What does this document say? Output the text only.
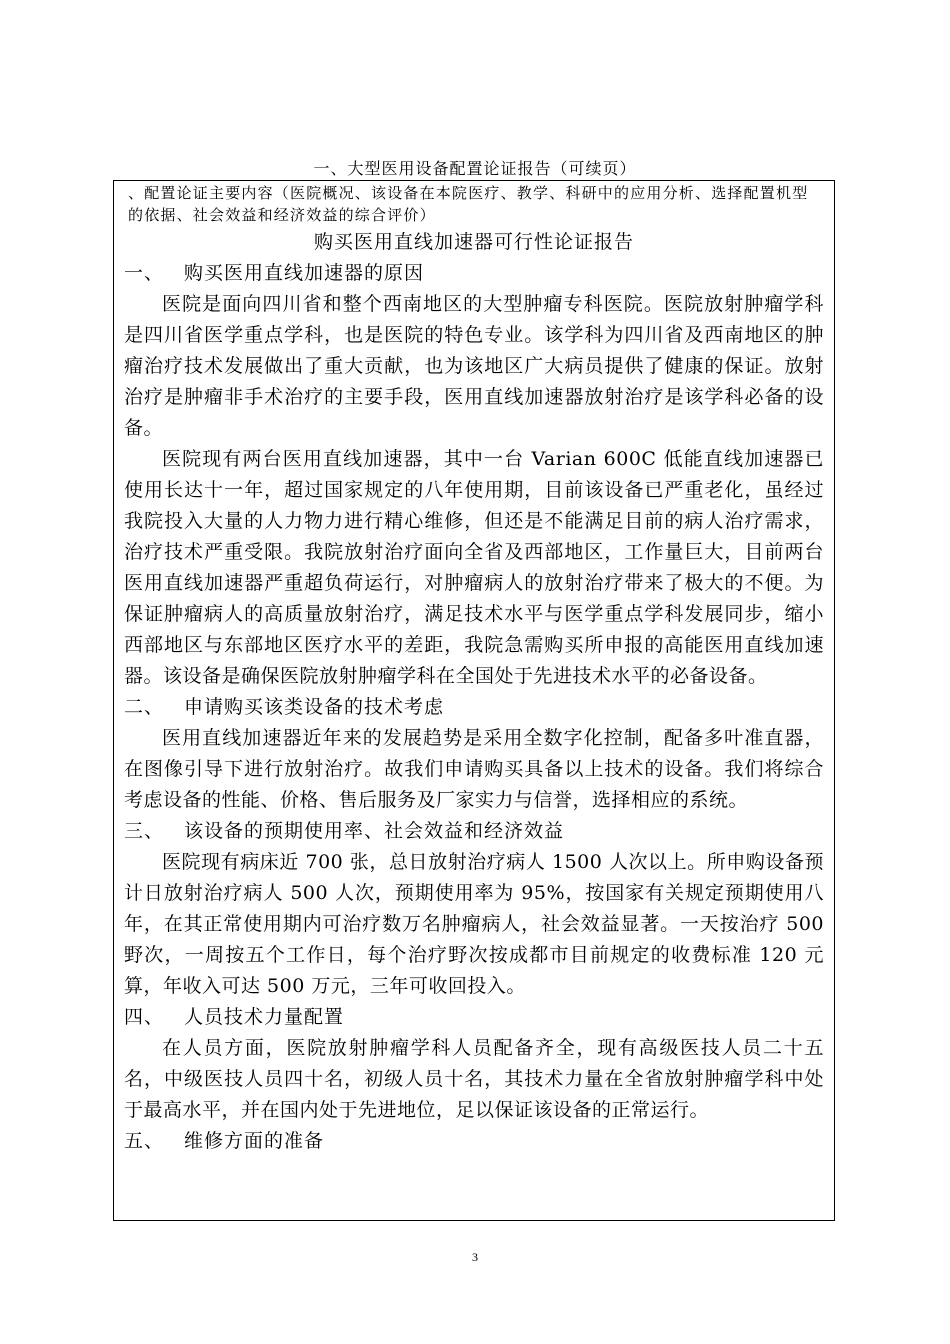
一、大型医用设备配置论证报告（可续页）
、配置论证主要内容（医院概况、该设备在本院医疗、教学、科研中的应用分析、选择配置机型的依据、社会效益和经济效益的综合评价）
购买医用直线加速器可行性论证报告
一、 购买医用直线加速器的原因

医院是面向四川省和整个西南地区的大型肿瘤专科医院。医院放射肿瘤学科是四川省医学重点学科，也是医院的特色专业。该学科为四川省及西南地区的肿瘤治疗技术发展做出了重大贡献，也为该地区广大病员提供了健康的保证。放射治疗是肿瘤非手术治疗的主要手段，医用直线加速器放射治疗是该学科必备的设备。

医院现有两台医用直线加速器，其中一台 Varian 600C 低能直线加速器已使用长达十一年，超过国家规定的八年使用期，目前该设备已严重老化，虽经过我院投入大量的人力物力进行精心维修，但还是不能满足目前的病人治疗需求，治疗技术严重受限。我院放射治疗面向全省及西部地区，工作量巨大，目前两台医用直线加速器严重超负荷运行，对肿瘤病人的放射治疗带来了极大的不便。为保证肿瘤病人的高质量放射治疗，满足技术水平与医学重点学科发展同步，缩小西部地区与东部地区医疗水平的差距，我院急需购买所申报的高能医用直线加速器。该设备是确保医院放射肿瘤学科在全国处于先进技术水平的必备设备。

二、 申请购买该类设备的技术考虑

医用直线加速器近年来的发展趋势是采用全数字化控制，配备多叶准直器，在图像引导下进行放射治疗。故我们申请购买具备以上技术的设备。我们将综合考虑设备的性能、价格、售后服务及厂家实力与信誉，选择相应的系统。

三、 该设备的预期使用率、社会效益和经济效益

医院现有病床近 700 张，总日放射治疗病人 1500 人次以上。所申购设备预计日放射治疗病人 500 人次，预期使用率为 95%，按国家有关规定预期使用八年，在其正常使用期内可治疗数万名肿瘤病人，社会效益显著。一天按治疗 500 野次，一周按五个工作日，每个治疗野次按成都市目前规定的收费标准 120 元算，年收入可达 500 万元，三年可收回投入。

四、 人员技术力量配置

在人员方面，医院放射肿瘤学科人员配备齐全，现有高级医技人员二十五名，中级医技人员四十名，初级人员十名，其技术力量在全省放射肿瘤学科中处于最高水平，并在国内处于先进地位，足以保证该设备的正常运行。

五、 维修方面的准备
3
